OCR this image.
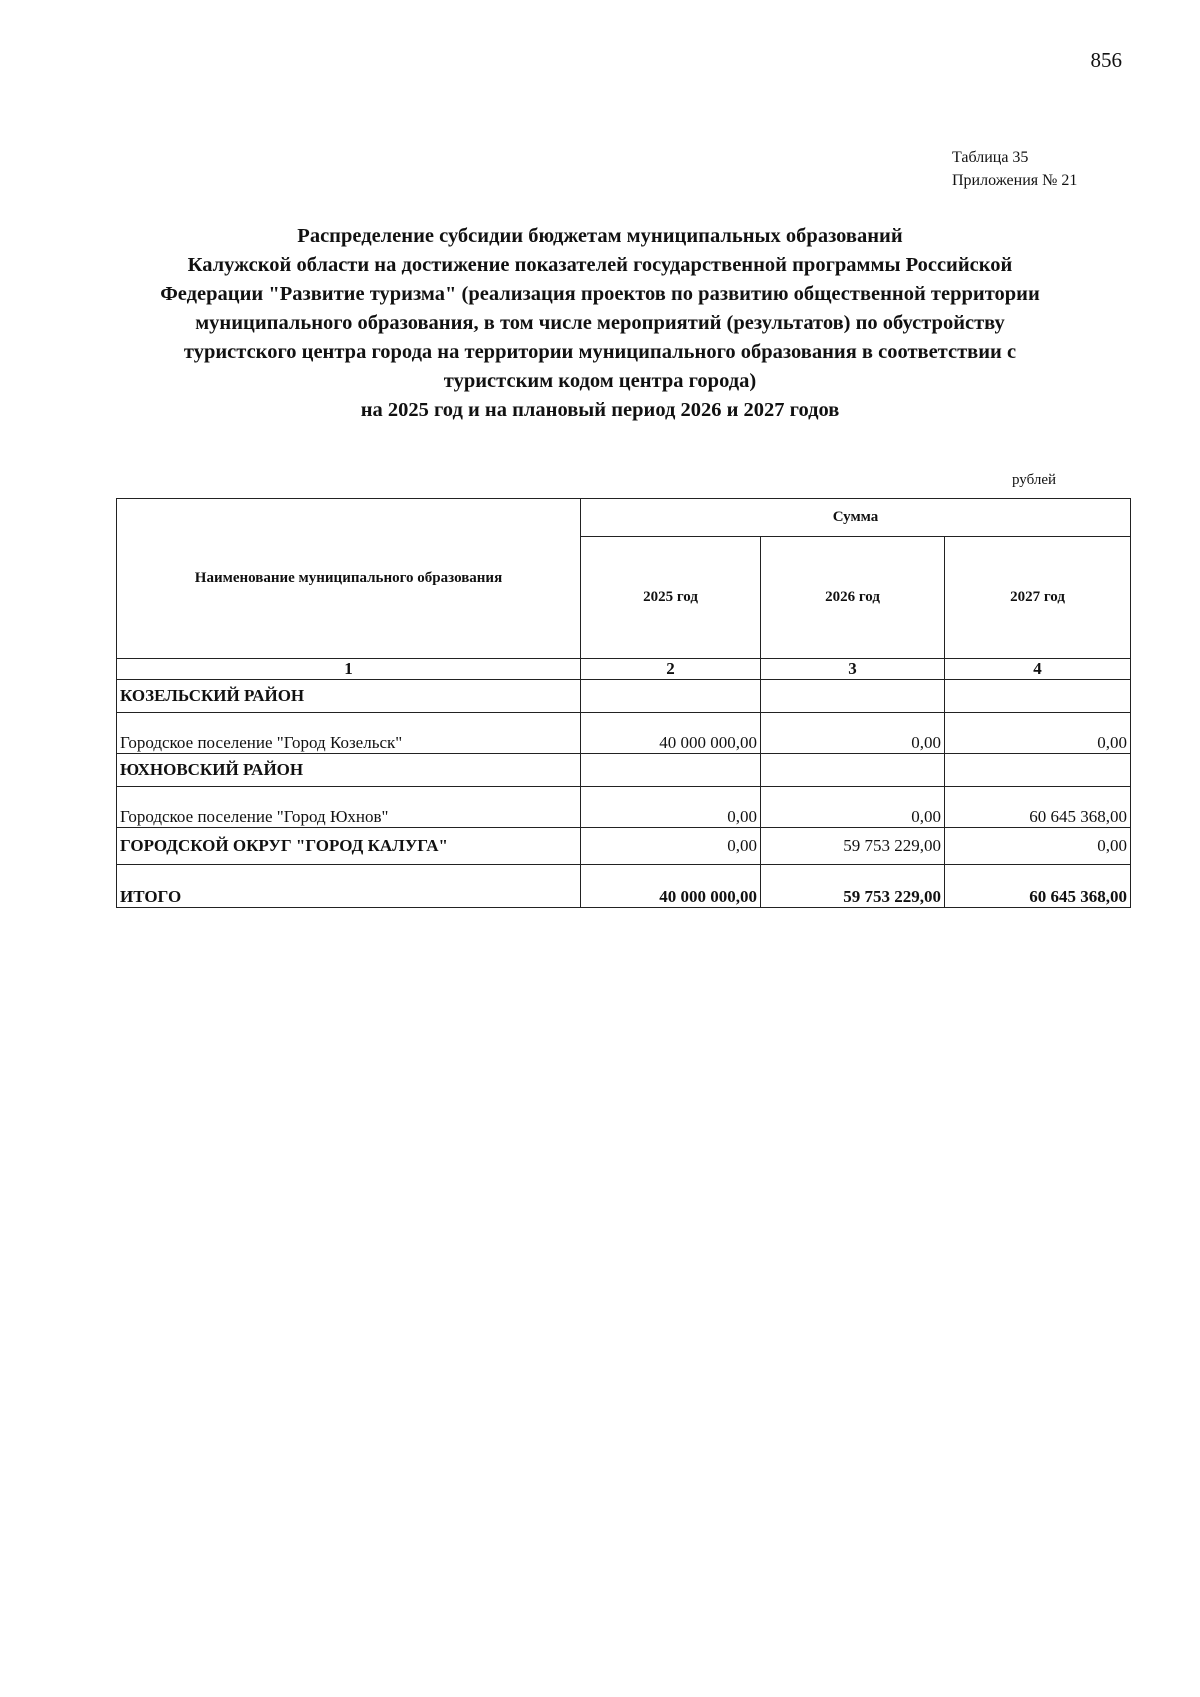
856
Таблица 35
Приложения № 21
Распределение субсидии бюджетам муниципальных образований
Калужской области на достижение показателей государственной программы Российской
Федерации "Развитие туризма" (реализация проектов по развитию общественной территории
муниципального образования, в том числе мероприятий (результатов) по обустройству
туристского центра города на территории муниципального образования в соответствии с
туристским кодом центра города)
на 2025 год и на плановый период 2026 и 2027 годов
рублей
Наименование муниципального образования	Сумма		
	2025 год	2026 год	2027 год
1	2	3	4
КОЗЕЛЬСКИЙ РАЙОН			
Городское поселение "Город Козельск"	40 000 000,00	0,00	0,00
ЮХНОВСКИЙ РАЙОН			
Городское поселение "Город Юхнов"	0,00	0,00	60 645 368,00
ГОРОДСКОЙ ОКРУГ "ГОРОД КАЛУГА"	0,00	59 753 229,00	0,00
ИТОГО	40 000 000,00	59 753 229,00	60 645 368,00
